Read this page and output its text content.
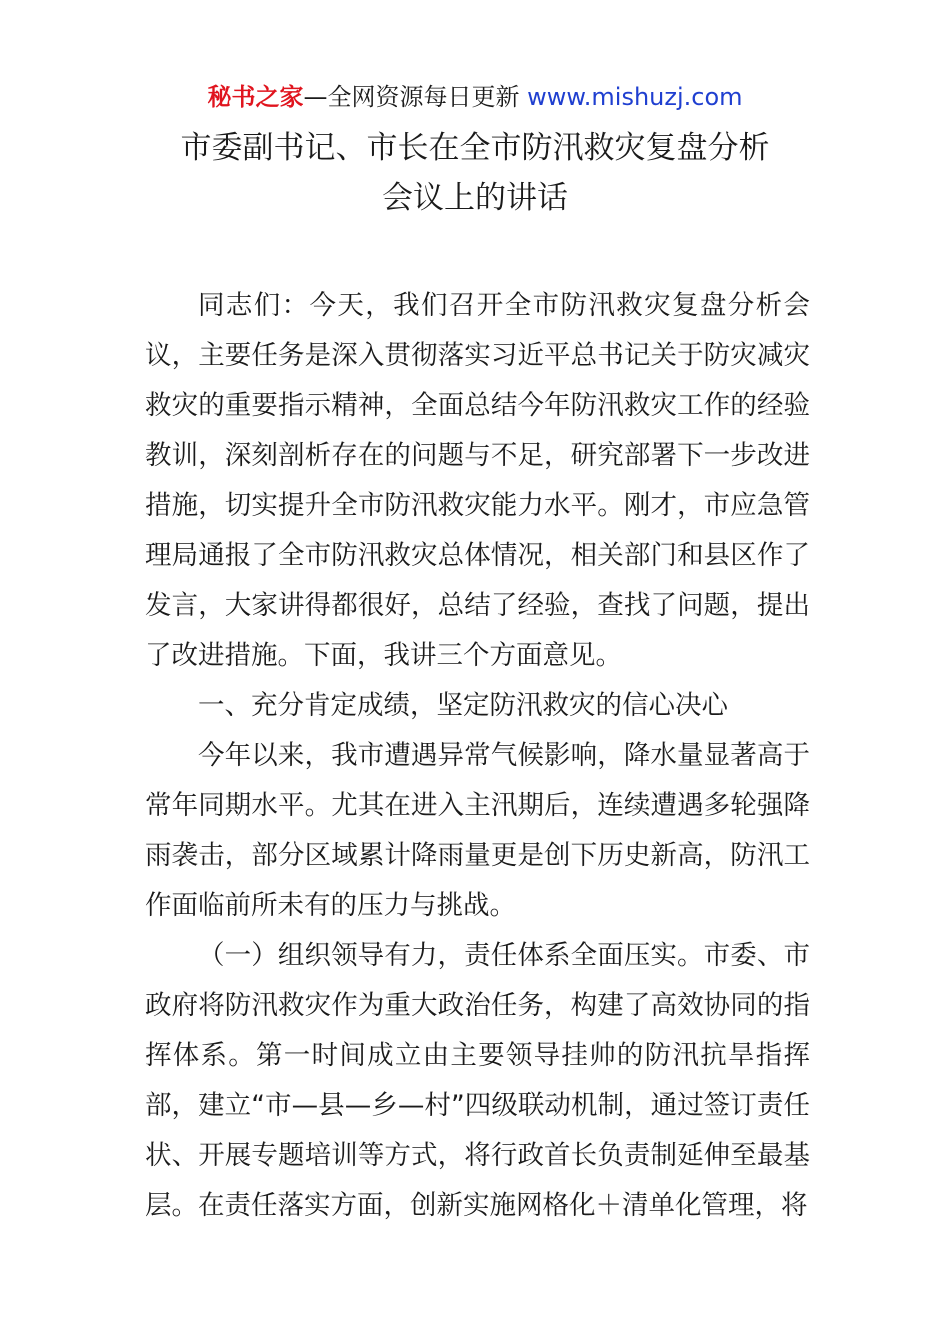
秘书之家—全网资源每日更新 www.mishuzj.com
市委副书记、市长在全市防汛救灾复盘分析
会议上的讲话

同志们：今天，我们召开全市防汛救灾复盘分析会议，主要任务是深入贯彻落实习近平总书记关于防灾减灾救灾的重要指示精神，全面总结今年防汛救灾工作的经验教训，深刻剖析存在的问题与不足，研究部署下一步改进措施，切实提升全市防汛救灾能力水平。刚才，市应急管理局通报了全市防汛救灾总体情况，相关部门和县区作了发言，大家讲得都很好，总结了经验，查找了问题，提出了改进措施。下面，我讲三个方面意见。

一、充分肯定成绩，坚定防汛救灾的信心决心

今年以来，我市遭遇异常气候影响，降水量显著高于常年同期水平。尤其在进入主汛期后，连续遭遇多轮强降雨袭击，部分区域累计降雨量更是创下历史新高，防汛工作面临前所未有的压力与挑战。

（一）组织领导有力，责任体系全面压实。市委、市政府将防汛救灾作为重大政治任务，构建了高效协同的指挥体系。第一时间成立由主要领导挂帅的防汛抗旱指挥部，建立“市—县—乡—村”四级联动机制，通过签订责任状、开展专题培训等方式，将行政首长负责制延伸至最基层。在责任落实方面，创新实施网格化＋清单化管理，将
